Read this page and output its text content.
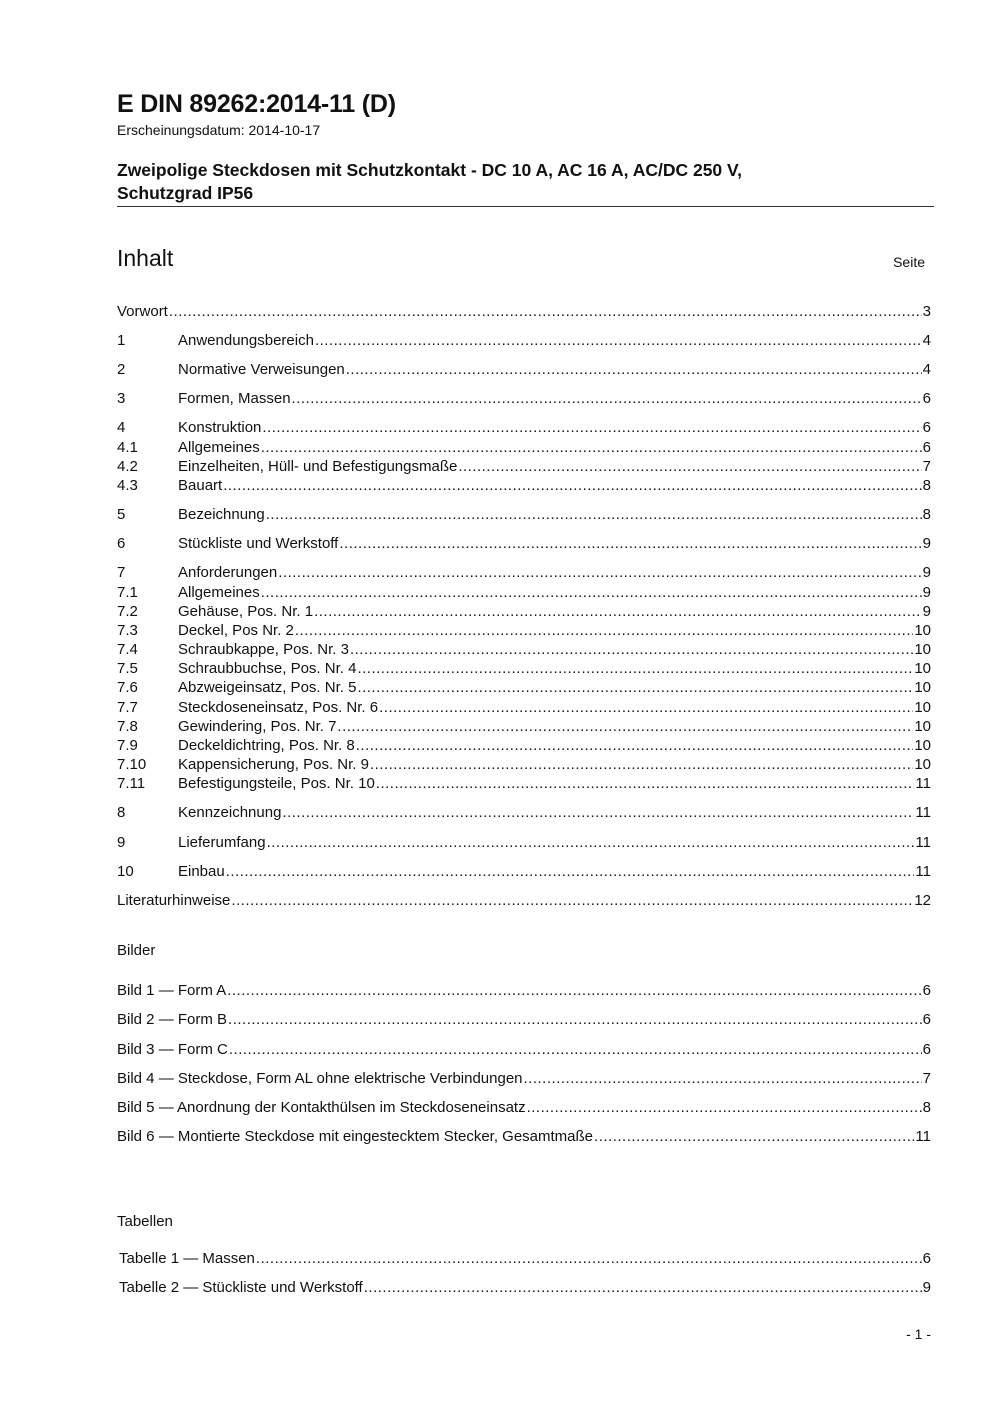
E DIN 89262:2014-11 (D)
Erscheinungsdatum: 2014-10-17
Zweipolige Steckdosen mit Schutzkontakt - DC 10 A, AC 16 A, AC/DC 250 V,
Schutzgrad IP56
Inhalt	Seite
Vorwort .....	3
1	Anwendungsbereich .....	4
2	Normative Verweisungen .....	4
3	Formen, Massen .....	6
4	Konstruktion .....	6
4.1	Allgemeines .....	6
4.2	Einzelheiten, Hüll- und Befestigungsmaße .....	7
4.3	Bauart .....	8
5	Bezeichnung .....	8
6	Stückliste und Werkstoff .....	9
7	Anforderungen .....	9
7.1	Allgemeines .....	9
7.2	Gehäuse, Pos. Nr. 1 .....	9
7.3	Deckel, Pos Nr. 2 .....	10
7.4	Schraubkappe, Pos. Nr. 3 .....	10
7.5	Schraubbuchse, Pos. Nr. 4 .....	10
7.6	Abzweigeinsatz, Pos. Nr. 5 .....	10
7.7	Steckdoseneinsatz, Pos. Nr. 6 .....	10
7.8	Gewindering, Pos. Nr. 7 .....	10
7.9	Deckeldichtring, Pos. Nr. 8 .....	10
7.10	Kappensicherung, Pos. Nr. 9 .....	10
7.11	Befestigungsteile, Pos. Nr. 10 .....	11
8	Kennzeichnung .....	11
9	Lieferumfang .....	11
10	Einbau .....	11
Literaturhinweise .....	12
Bilder
Bild 1 — Form A .....	6
Bild 2 — Form B .....	6
Bild 3 — Form C .....	6
Bild 4 — Steckdose, Form AL ohne elektrische Verbindungen .....	7
Bild 5 — Anordnung der Kontakthülsen im Steckdoseneinsatz .....	8
Bild 6 — Montierte Steckdose mit eingestecktem Stecker, Gesamtmaße .....	11
Tabellen
Tabelle 1 — Massen .....	6
Tabelle 2 — Stückliste und Werkstoff .....	9
- 1 -
